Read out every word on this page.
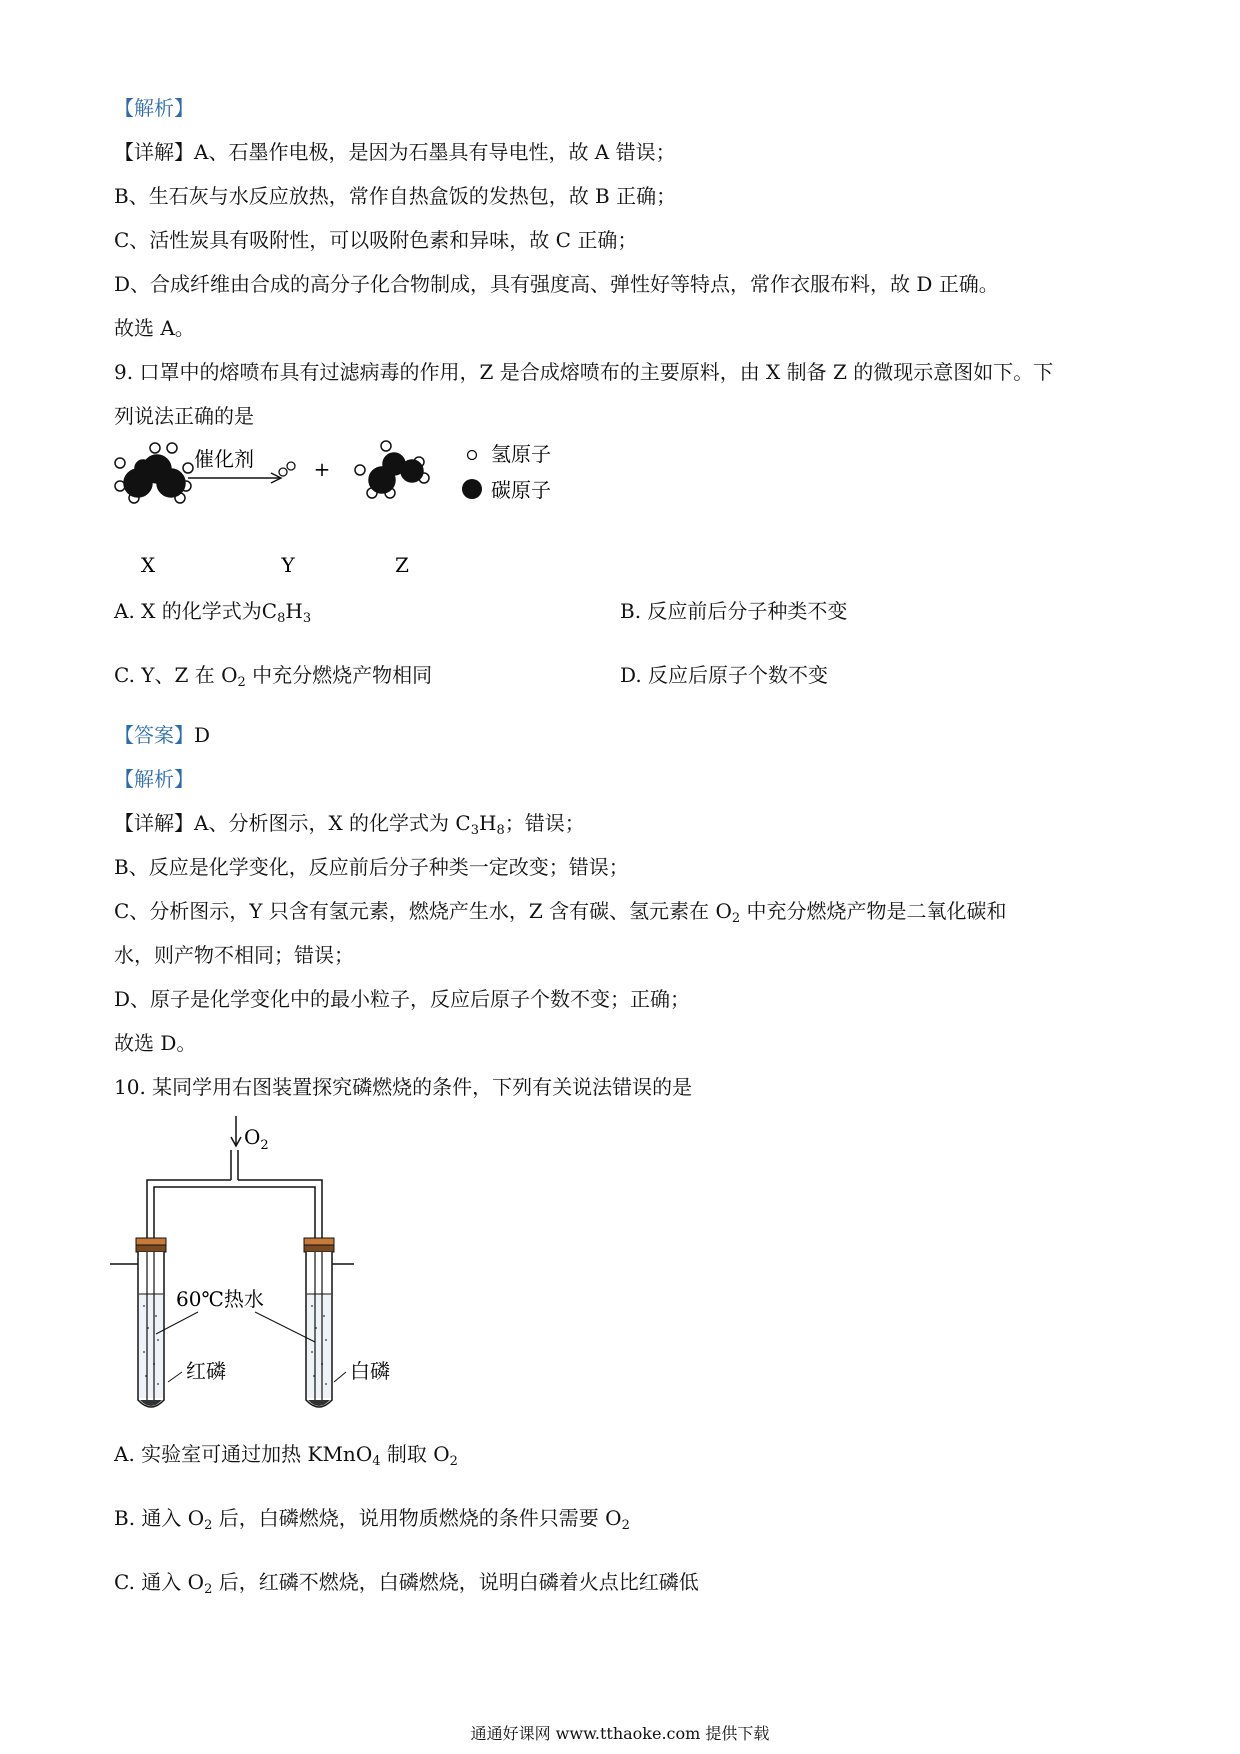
【解析】
【详解】A、石墨作电极，是因为石墨具有导电性，故 A 错误；
B、生石灰与水反应放热，常作自热盒饭的发热包，故 B 正确；
C、活性炭具有吸附性，可以吸附色素和异味，故 C 正确；
D、合成纤维由合成的高分子化合物制成，具有强度高、弹性好等特点，常作衣服布料，故 D 正确。
故选 A。
9. 口罩中的熔喷布具有过滤病毒的作用，Z 是合成熔喷布的主要原料，由 X 制备 Z 的微现示意图如下。下
列说法正确的是
X
催化剂
Y
+
Z
氢原子
碳原子
A. X 的化学式为$C_8H_3$	B. 反应前后分子种类不变
C. Y、Z 在 $O_2$ 中充分燃烧产物相同	D. 反应后原子个数不变
【答案】D
【解析】
【详解】A、分析图示，X 的化学式为 $C_3H_8$；错误；
B、反应是化学变化，反应前后分子种类一定改变；错误；
C、分析图示，Y 只含有氢元素，燃烧产生水，Z 含有碳、氢元素在 $O_2$ 中充分燃烧产物是二氧化碳和
水，则产物不相同；错误；
D、原子是化学变化中的最小粒子，反应后原子个数不变；正确；
故选 D。
10. 某同学用右图装置探究磷燃烧的条件，下列有关说法错误的是
$O_2$
60℃热水
红磷	白磷
A. 实验室可通过加热 KMnO$_4$ 制取 $O_2$
B. 通入 $O_2$ 后，白磷燃烧，说用物质燃烧的条件只需要 $O_2$
C. 通入 $O_2$ 后，红磷不燃烧，白磷燃烧，说明白磷着火点比红磷低
通通好课网 www.tthaoke.com 提供下载
